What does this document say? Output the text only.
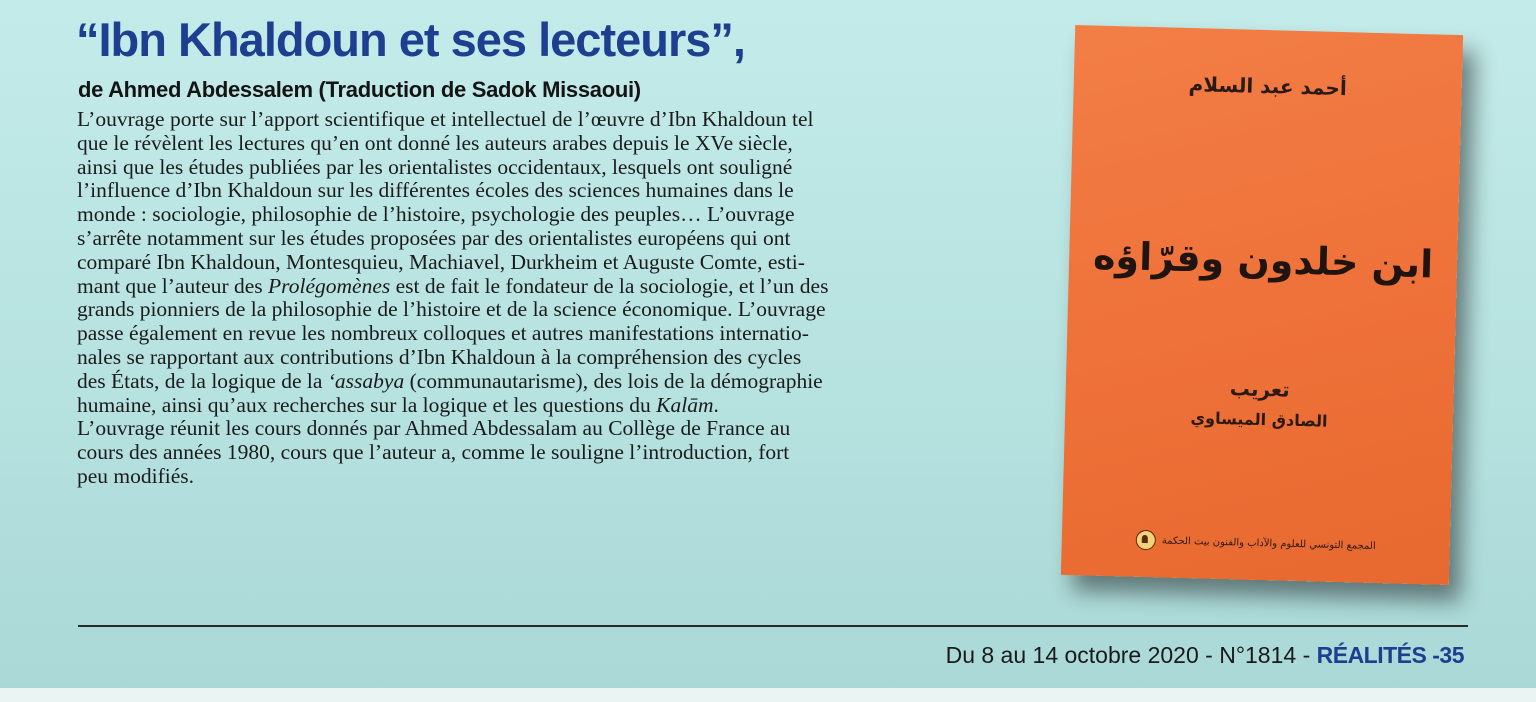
“Ibn Khaldoun et ses lecteurs”,
de Ahmed Abdessalem (Traduction de Sadok Missaoui)

L’ouvrage porte sur l’apport scientifique et intellectuel de l’œuvre d’Ibn Khaldoun tel
que le révèlent les lectures qu’en ont donné les auteurs arabes depuis le XVe siècle,
ainsi que les études publiées par les orientalistes occidentaux, lesquels ont souligné
l’influence d’Ibn Khaldoun sur les différentes écoles des sciences humaines dans le
monde : sociologie, philosophie de l’histoire, psychologie des peuples… L’ouvrage
s’arrête notamment sur les études proposées par des orientalistes européens qui ont
comparé Ibn Khaldoun, Montesquieu, Machiavel, Durkheim et Auguste Comte, esti-
mant que l’auteur des Prolégomènes est de fait le fondateur de la sociologie, et l’un des
grands pionniers de la philosophie de l’histoire et de la science économique. L’ouvrage
passe également en revue les nombreux colloques et autres manifestations internatio-
nales se rapportant aux contributions d’Ibn Khaldoun à la compréhension des cycles
des États, de la logique de la ‘assabya (communautarisme), des lois de la démographie
humaine, ainsi qu’aux recherches sur la logique et les questions du Kalām.
L’ouvrage réunit les cours donnés par Ahmed Abdessalam au Collège de France au
cours des années 1980, cours que l’auteur a, comme le souligne l’introduction, fort
peu modifiés.

Du 8 au 14 octobre 2020 - N°1814 - RÉALITÉS -35
أحمد عبد السلام
ابن خلدون وقرّاؤه
تعريب
الصادق الميساوي
المجمع التونسي للعلوم والآداب والفنون بيت الحكمة
